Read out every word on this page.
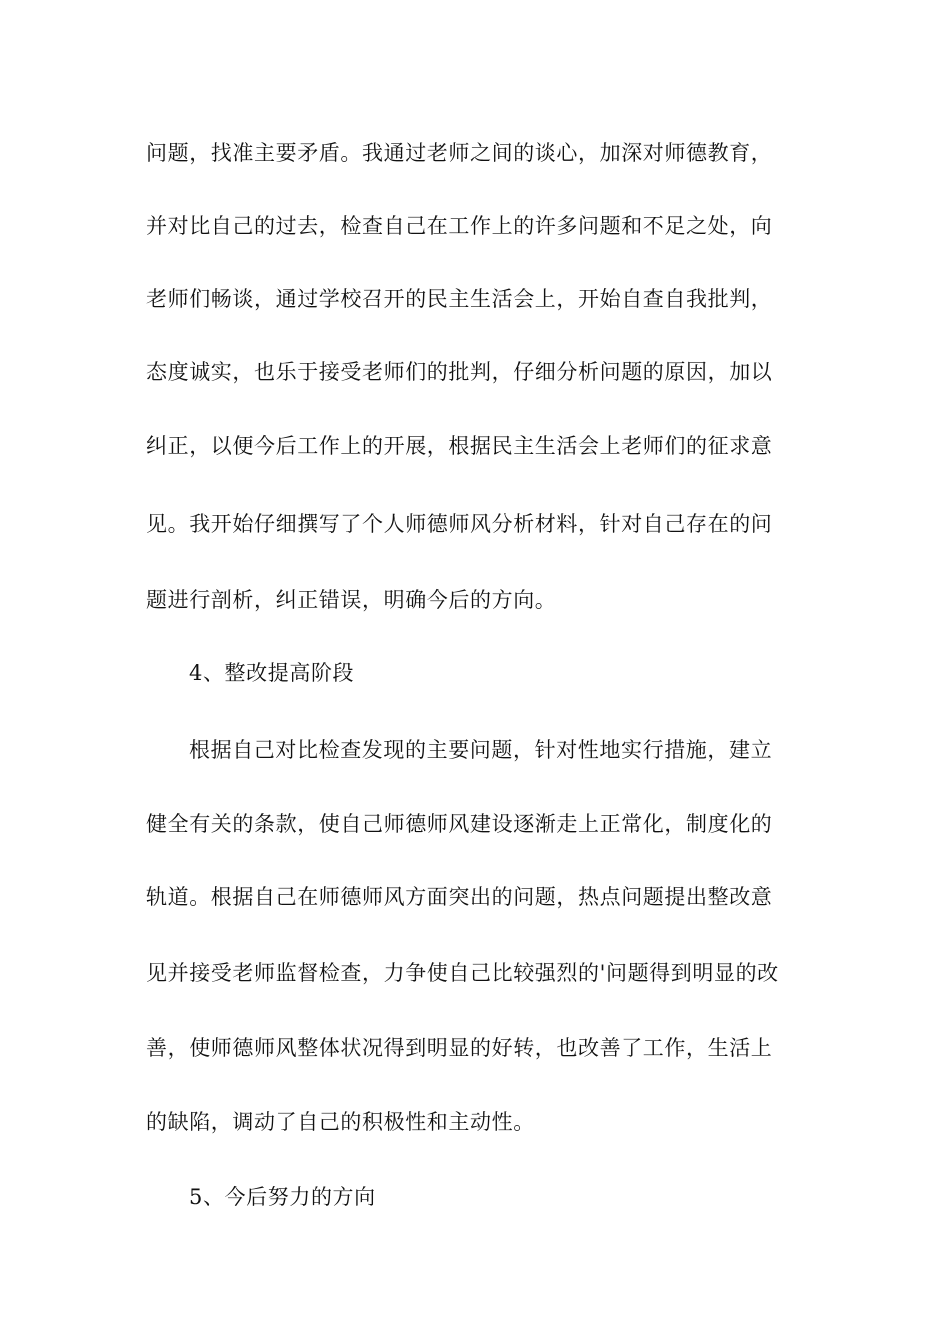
问题，找准主要矛盾。我通过老师之间的谈心，加深对师德教育，
并对比自己的过去，检查自己在工作上的许多问题和不足之处，向
老师们畅谈，通过学校召开的民主生活会上，开始自查自我批判，
态度诚实，也乐于接受老师们的批判，仔细分析问题的原因，加以
纠正，以便今后工作上的开展，根据民主生活会上老师们的征求意
见。我开始仔细撰写了个人师德师风分析材料，针对自己存在的问
题进行剖析，纠正错误，明确今后的方向。
4、整改提高阶段
根据自己对比检查发现的主要问题，针对性地实行措施，建立
健全有关的条款，使自己师德师风建设逐渐走上正常化，制度化的
轨道。根据自己在师德师风方面突出的问题，热点问题提出整改意
见并接受老师监督检查，力争使自己比较强烈的'问题得到明显的改
善，使师德师风整体状况得到明显的好转，也改善了工作，生活上
的缺陷，调动了自己的积极性和主动性。
5、今后努力的方向
